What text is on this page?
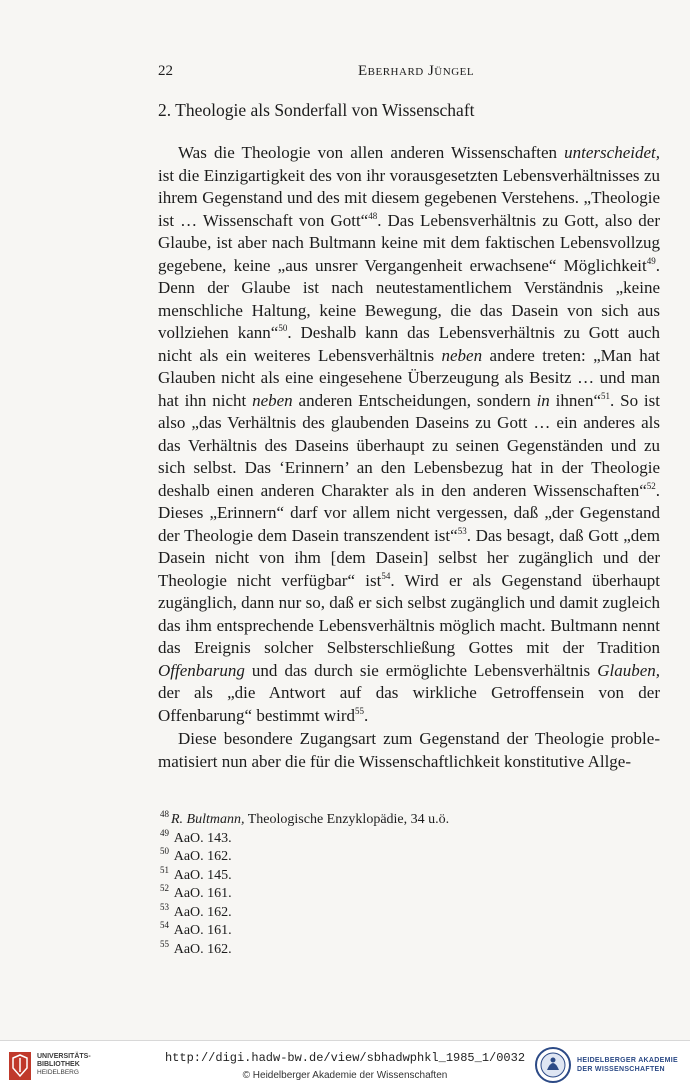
22	Eberhard Jüngel
2. Theologie als Sonderfall von Wissenschaft

Was die Theologie von allen anderen Wissenschaften unterscheidet, ist die Einzigartigkeit des von ihr vorausgesetzten Lebensverhältnisses zu ihrem Gegenstand und des mit diesem gegebenen Verstehens. „Theologie ist … Wissenschaft von Gott“$^{48}$. Das Lebensverhältnis zu Gott, also der Glaube, ist aber nach Bultmann keine mit dem faktischen Lebensvollzug gegebene, keine „aus unsrer Vergangenheit erwachsene“ Möglichkeit$^{49}$. Denn der Glaube ist nach neutestamentlichem Verständnis „keine menschliche Haltung, keine Bewegung, die das Dasein von sich aus vollziehen kann“$^{50}$. Deshalb kann das Lebensverhältnis zu Gott auch nicht als ein weiteres Lebensverhältnis neben andere treten: „Man hat Glauben nicht als eine eingesehene Überzeugung als Besitz … und man hat ihn nicht neben anderen Entscheidungen, sondern in ihnen“$^{51}$. So ist also „das Verhältnis des glaubenden Daseins zu Gott … ein anderes als das Verhältnis des Daseins überhaupt zu seinen Gegenständen und zu sich selbst. Das ‘Erinnern’ an den Lebensbezug hat in der Theologie deshalb einen anderen Charakter als in den anderen Wissenschaften“$^{52}$. Dieses „Erinnern“ darf vor allem nicht vergessen, daß „der Gegenstand der Theologie dem Dasein transzendent ist“$^{53}$. Das besagt, daß Gott „dem Dasein nicht von ihm [dem Dasein] selbst her zugänglich und der Theologie nicht verfügbar“ ist$^{54}$. Wird er als Gegenstand überhaupt zugänglich, dann nur so, daß er sich selbst zugänglich und damit zugleich das ihm entsprechende Lebensverhältnis möglich macht. Bultmann nennt das Ereignis solcher Selbsterschließung Gottes mit der Tradition Offenbarung und das durch sie ermöglichte Lebensverhältnis Glauben, der als „die Antwort auf das wirkliche Getroffensein von der Offenbarung“ bestimmt wird$^{55}$.

Diese besondere Zugangsart zum Gegenstand der Theologie problematisiert nun aber die für die Wissenschaftlichkeit konstitutive Allge-

$^{48}$ R. Bultmann, Theologische Enzyklopädie, 34 u.ö.
$^{49}$ AaO. 143.
$^{50}$ AaO. 162.
$^{51}$ AaO. 145.
$^{52}$ AaO. 161.
$^{53}$ AaO. 162.
$^{54}$ AaO. 161.
$^{55}$ AaO. 162.
UNIVERSITÄTS-
BIBLIOTHEK
HEIDELBERG
http://digi.hadw-bw.de/view/sbhadwphkl_1985_1/0032
© Heidelberger Akademie der Wissenschaften
HEIDELBERGER AKADEMIE
DER WISSENSCHAFTEN
